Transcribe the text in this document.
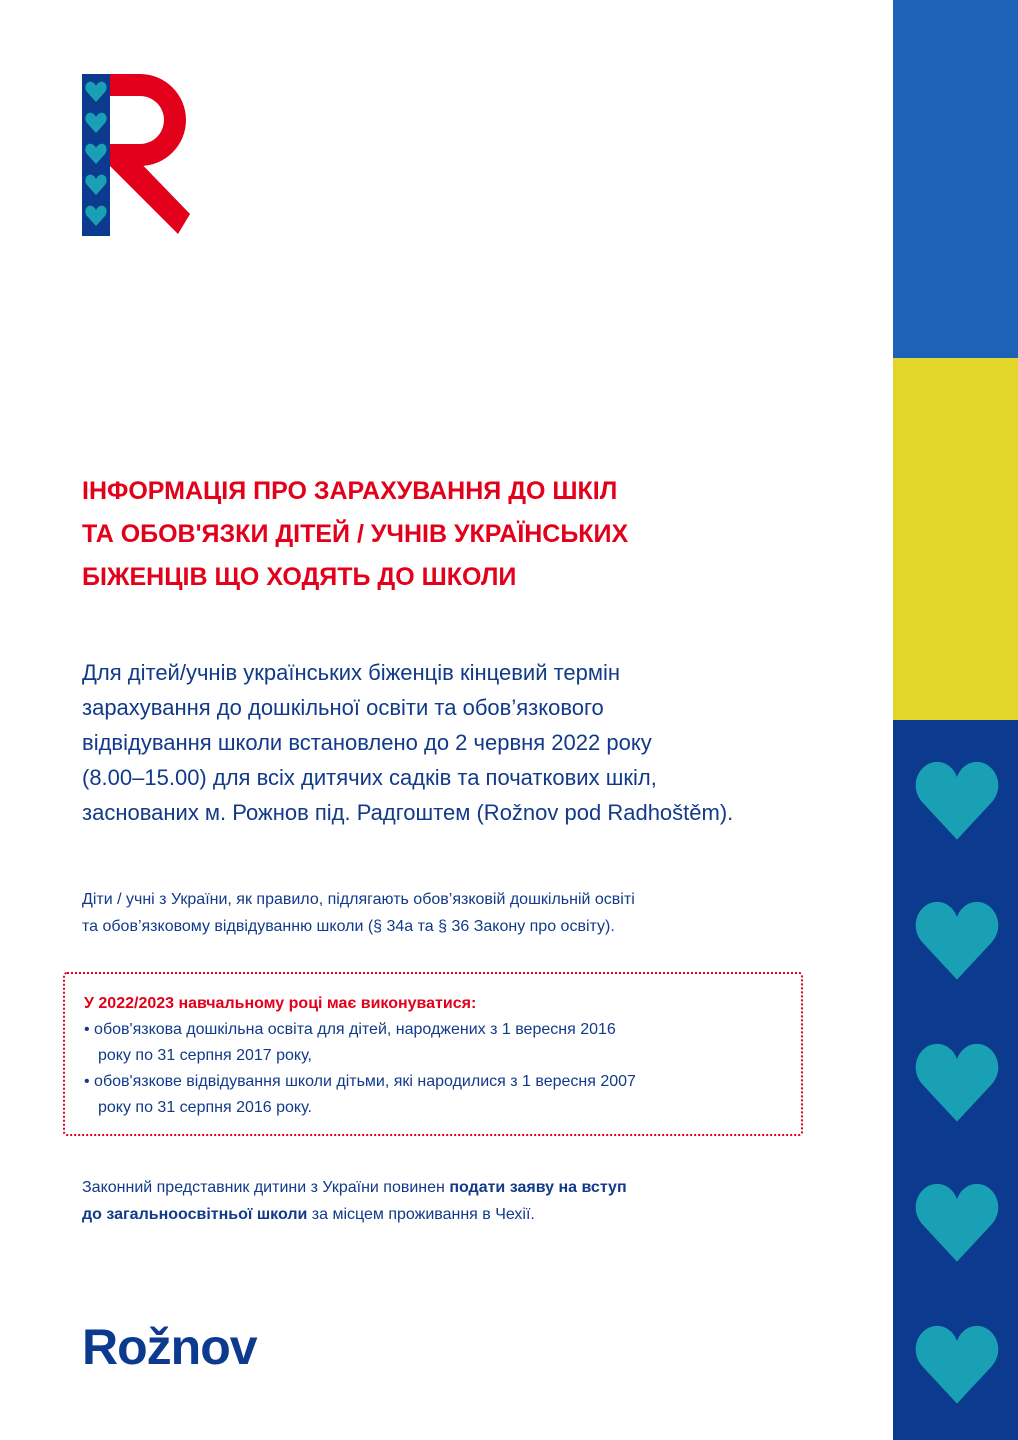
ІНФОРМАЦІЯ ПРО ЗАРАХУВАННЯ ДО ШКІЛ
ТА ОБОВ'ЯЗКИ ДІТЕЙ / УЧНІВ УКРАЇНСЬКИХ
БІЖЕНЦІВ ЩО ХОДЯТЬ ДО ШКОЛИ
Для дітей/учнів українських біженців кінцевий термін
зарахування до дошкільної освіти та обов’язкового
відвідування школи встановлено до 2 червня 2022 року
(8.00–15.00) для всіх дитячих садків та початкових шкіл,
заснованих м. Рожнов під. Радгоштем (Rožnov pod Radhoštěm).
Діти / учні з України, як правило, підлягають обов’язковій дошкільній освіті
та обов’язковому відвідуванню школи (§ 34а та § 36 Закону про освіту).
У 2022/2023 навчальному році має виконуватися:
• обов'язкова дошкільна освіта для дітей, народжених з 1 вересня 2016
року по 31 серпня 2017 року,
• обов'язкове відвідування школи дітьми, які народилися з 1 вересня 2007
року по 31 серпня 2016 року.
Законний представник дитини з України повинен подати заяву на вступ
до загальноосвітньої школи за місцем проживання в Чехії.
Rožnov
